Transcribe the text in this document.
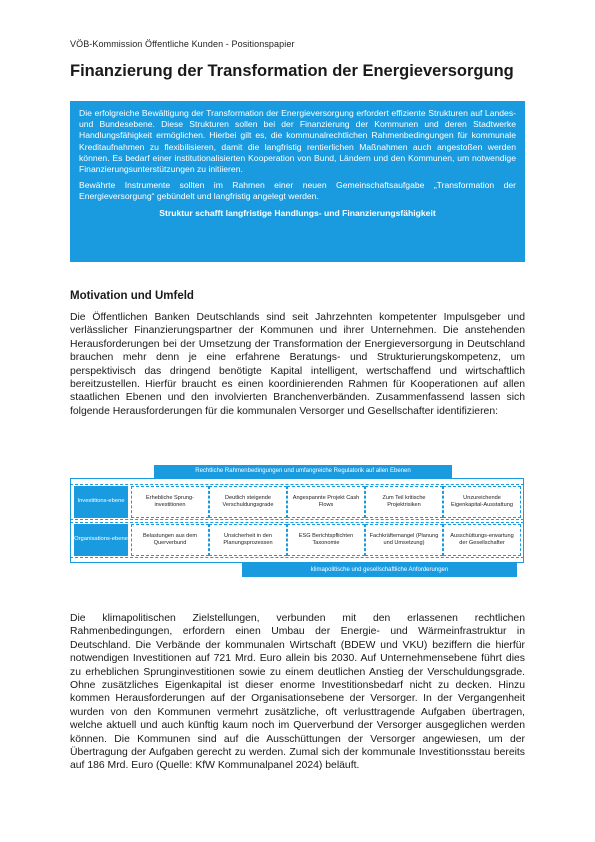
VÖB-Kommission Öffentliche Kunden - Positionspapier
Finanzierung der Transformation der Energieversorgung

Die erfolgreiche Bewältigung der Transformation der Energieversorgung erfordert effiziente Strukturen auf Landes- und Bundesebene. Diese Strukturen sollen bei der Finanzierung der Kommunen und deren Stadtwerke Handlungsfähigkeit ermöglichen. Hierbei gilt es, die kommunalrechtlichen Rahmenbedingungen für kommunale Kreditaufnahmen zu flexibilisieren, damit die langfristig rentierlichen Maßnahmen auch angestoßen werden können. Es bedarf einer institutionalisierten Kooperation von Bund, Ländern und den Kommunen, um notwendige Finanzierungsunterstützungen zu initiieren.

Bewährte Instrumente sollten im Rahmen einer neuen Gemeinschaftsaufgabe „Transformation der Energieversorgung“ gebündelt und langfristig angelegt werden.

Struktur schafft langfristige Handlungs- und Finanzierungsfähigkeit

Motivation und Umfeld

Die Öffentlichen Banken Deutschlands sind seit Jahrzehnten kompetenter Impulsgeber und verlässlicher Finanzierungspartner der Kommunen und ihrer Unternehmen. Die anstehenden Herausforderungen bei der Umsetzung der Transformation der Energieversorgung in Deutschland brauchen mehr denn je eine erfahrene Beratungs- und Strukturierungskompetenz, um perspektivisch das dringend benötigte Kapital intelligent, wertschaffend und wirtschaftlich bereitzustellen. Hierfür braucht es einen koordinierenden Rahmen für Kooperationen auf allen staatlichen Ebenen und den involvierten Branchenverbänden. Zusammenfassend lassen sich folgende Herausforderungen für die kommunalen Versorger und Gesellschafter identifizieren:

Rechtliche Rahmenbedingungen und umfangreiche Regulatorik auf allen Ebenen
Investitions-ebene
Erhebliche Sprung-investitionen
Deutlich steigende Verschuldungsgrade
Angespannte Projekt Cash Flows
Zum Teil kritische Projektrisiken
Unzureichende Eigenkapital-Ausstattung
Organisations-ebene
Belastungen aus dem Querverbund
Unsicherheit in den Planungsprozessen
ESG Berichtspflichten Taxonomie
Fachkräftemangel (Planung und Umsetzung)
Ausschüttungs-erwartung der Gesellschafter
klimapolitische und gesellschaftliche Anforderungen

Die klimapolitischen Zielstellungen, verbunden mit den erlassenen rechtlichen Rahmenbedingungen, erfordern einen Umbau der Energie- und Wärmeinfrastruktur in Deutschland. Die Verbände der kommunalen Wirtschaft (BDEW und VKU) beziffern die hierfür notwendigen Investitionen auf 721 Mrd. Euro allein bis 2030. Auf Unternehmensebene führt dies zu erheblichen Sprunginvestitionen sowie zu einem deutlichen Anstieg der Verschuldungsgrade. Ohne zusätzliches Eigenkapital ist dieser enorme Investitionsbedarf nicht zu decken. Hinzu kommen Herausforderungen auf der Organisationsebene der Versorger. In der Vergangenheit wurden von den Kommunen vermehrt zusätzliche, oft verlusttragende Aufgaben übertragen, welche aktuell und auch künftig kaum noch im Querverbund der Versorger ausgeglichen werden können. Die Kommunen sind auf die Ausschüttungen der Versorger angewiesen, um der Übertragung der Aufgaben gerecht zu werden. Zumal sich der kommunale Investitionsstau bereits auf 186 Mrd. Euro (Quelle: KfW Kommunalpanel 2024) beläuft.
